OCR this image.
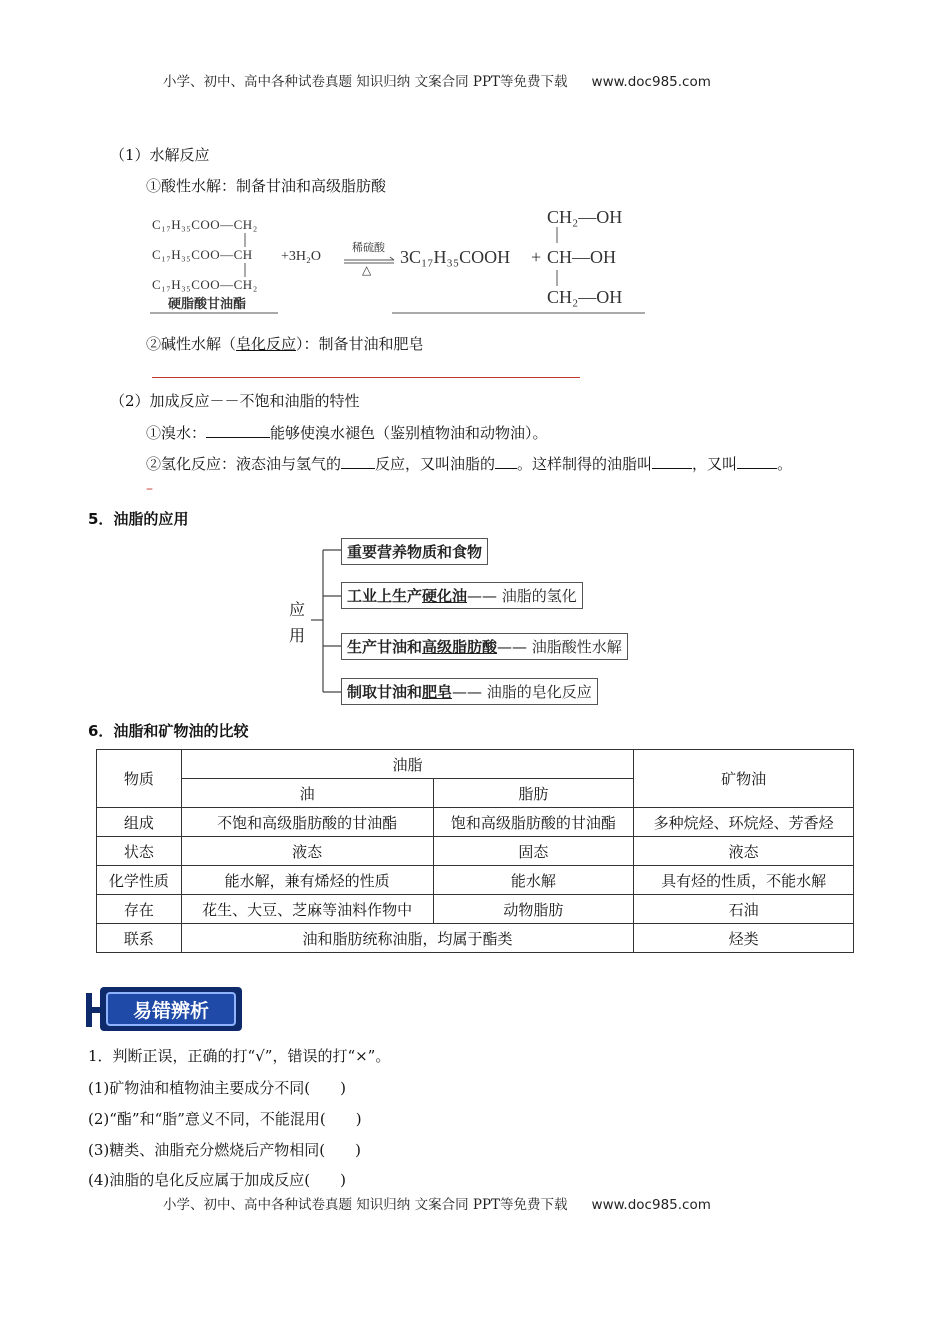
小学、初中、高中各种试卷真题 知识归纳 文案合同 PPT等免费下载 www.doc985.com
（1）水解反应
①酸性水解：制备甘油和高级脂肪酸
C₁₇H₃₅COO—CH₂
C₁₇H₃₅COO—CH
C₁₇H₃₅COO—CH₂
+3H₂O
稀硫酸
△
3C₁₇H₃₅COOH +
CH₂—OH
CH—OH
CH₂—OH
硬脂酸甘油酯
②碱性水解（皂化反应）：制备甘油和肥皂
（2）加成反应－－不饱和油脂的特性
①溴水：	能够使溴水褪色（鉴别植物油和动物油）。
②氢化反应：液态油与氢气的 反应，又叫油脂的 。这样制得的油脂叫	，又叫	。
–
5．油脂的应用
应
用
重要营养物质和食物
工业上生产硬化油—— 油脂的氢化
生产甘油和高级脂肪酸—— 油脂酸性水解
制取甘油和肥皂—— 油脂的皂化反应
6．油脂和矿物油的比较
物质	油脂		矿物油
	油	脂肪	
组成	不饱和高级脂肪酸的甘油酯	饱和高级脂肪酸的甘油酯	多种烷烃、环烷烃、芳香烃
状态	液态	固态	液态
化学性质	能水解，兼有烯烃的性质	能水解	具有烃的性质，不能水解
存在	花生、大豆、芝麻等油料作物中	动物脂肪	石油
联系	油和脂肪统称油脂，均属于酯类		烃类
易错辨析
1．判断正误，正确的打“√”，错误的打“×”。
(1)矿物油和植物油主要成分不同(　　)
(2)“酯”和“脂”意义不同，不能混用(　　)
(3)糖类、油脂充分燃烧后产物相同(　　)
(4)油脂的皂化反应属于加成反应(　　)
小学、初中、高中各种试卷真题 知识归纳 文案合同 PPT等免费下载 www.doc985.com
